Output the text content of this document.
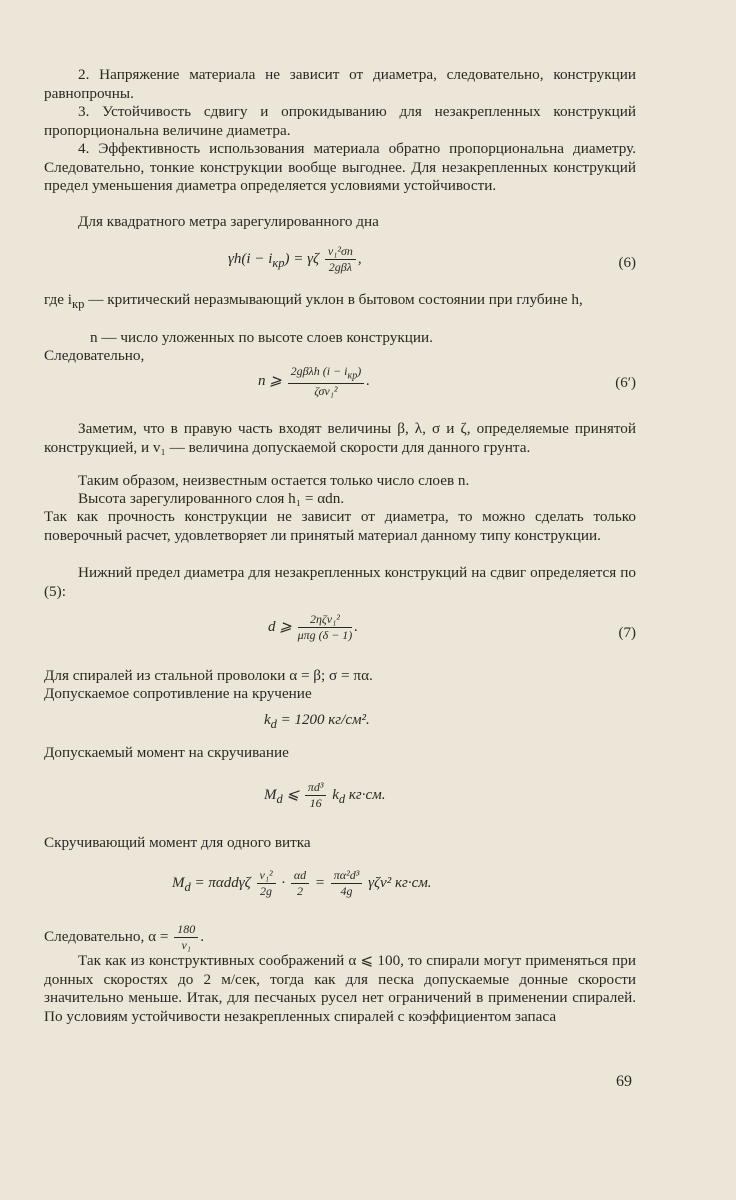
2. Напряжение материала не зависит от диаметра, следовательно, конструкции равнопрочны.

3. Устойчивость сдвигу и опрокидыванию для незакрепленных конструкций пропорциональна величине диаметра.

4. Эффективность использования материала обратно пропорциональна диаметру. Следовательно, тонкие конструкции вообще выгоднее. Для незакрепленных конструкций предел уменьшения диаметра определяется условиями устойчивости.

Для квадратного метра зарегулированного дна

$\gamma h(i - i_{кр}) = \gamma\zeta \frac{\text{v₁²σn}}{\text{2gβλ}}$ ,	(6)
где $i_{кр}$ — критический неразмывающий уклон в бытовом состоянии при глубине h,
n — число уложенных по высоте слоев конструкции.
Следовательно,
n ⩾ $\frac{2g\beta\lambda h (i - i_{кр})}{\text{ζσv₁²}}$ .	(6′)

Заметим, что в правую часть входят величины β, λ, σ и ζ, определяемые принятой конструкцией, и v₁ — величина допускаемой скорости для данного грунта.

Таким образом, неизвестным остается только число слоев n.

Высота зарегулированного слоя h₁ = αdn.

Так как прочность конструкции не зависит от диаметра, то можно сделать только поверочный расчет, удовлетворяет ли принятый материал данному типу конструкции.

Нижний предел диаметра для незакрепленных конструкций на сдвиг определяется по (5):

d ⩾ $\frac{\text{2ηζv₁²}}{\text{μπg (δ − 1)}}$ .	(7)

Для спиралей из стальной проволоки α = β; σ = πα.

Допускаемое сопротивление на кручение

$k_d = 1200$ кг/см².

Допускаемый момент на скручивание

$M_d$ ⩽ $\frac{\text{πd³}}{16} k_d$ кг·см.

Скручивающий момент для одного витка

$M_d = \pi\alpha dd\gamma\zeta \frac{\text{v₁²}}{2g} \cdot \frac{\alpha d}{2} = \frac{\text{πα²d³}}{4g} \gamma\zeta v^2$ кг·см.
Следовательно, $\alpha = \frac{180}{\text{v₁}}$ .

Так как из конструктивных соображений α ⩽ 100, то спирали могут применяться при донных скоростях до 2 м/сек, тогда как для песка допускаемые донные скорости значительно меньше. Итак, для песчаных русел нет ограничений в применении спиралей. По условиям устойчивости незакрепленных спиралей с коэффициентом запаса

69
